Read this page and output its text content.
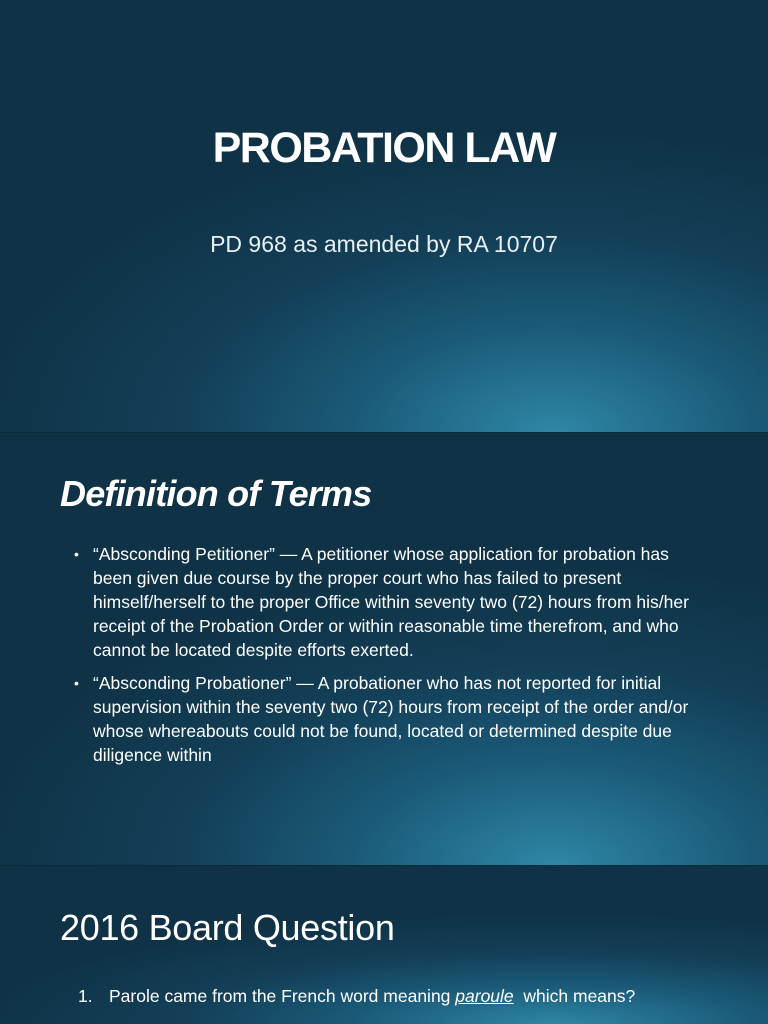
PROBATION LAW
PD 968 as amended by RA 10707
Definition of Terms
• “Absconding Petitioner” — A petitioner whose application for probation has been given due course by the proper court who has failed to present himself/herself to the proper Office within seventy two (72) hours from his/her receipt of the Probation Order or within reasonable time therefrom, and who cannot be located despite efforts exerted.
• “Absconding Probationer” — A probationer who has not reported for initial supervision within the seventy two (72) hours from receipt of the order and/or whose whereabouts could not be found, located or determined despite due diligence within
2016 Board Question
1. Parole came from the French word meaning paroule  which means?
